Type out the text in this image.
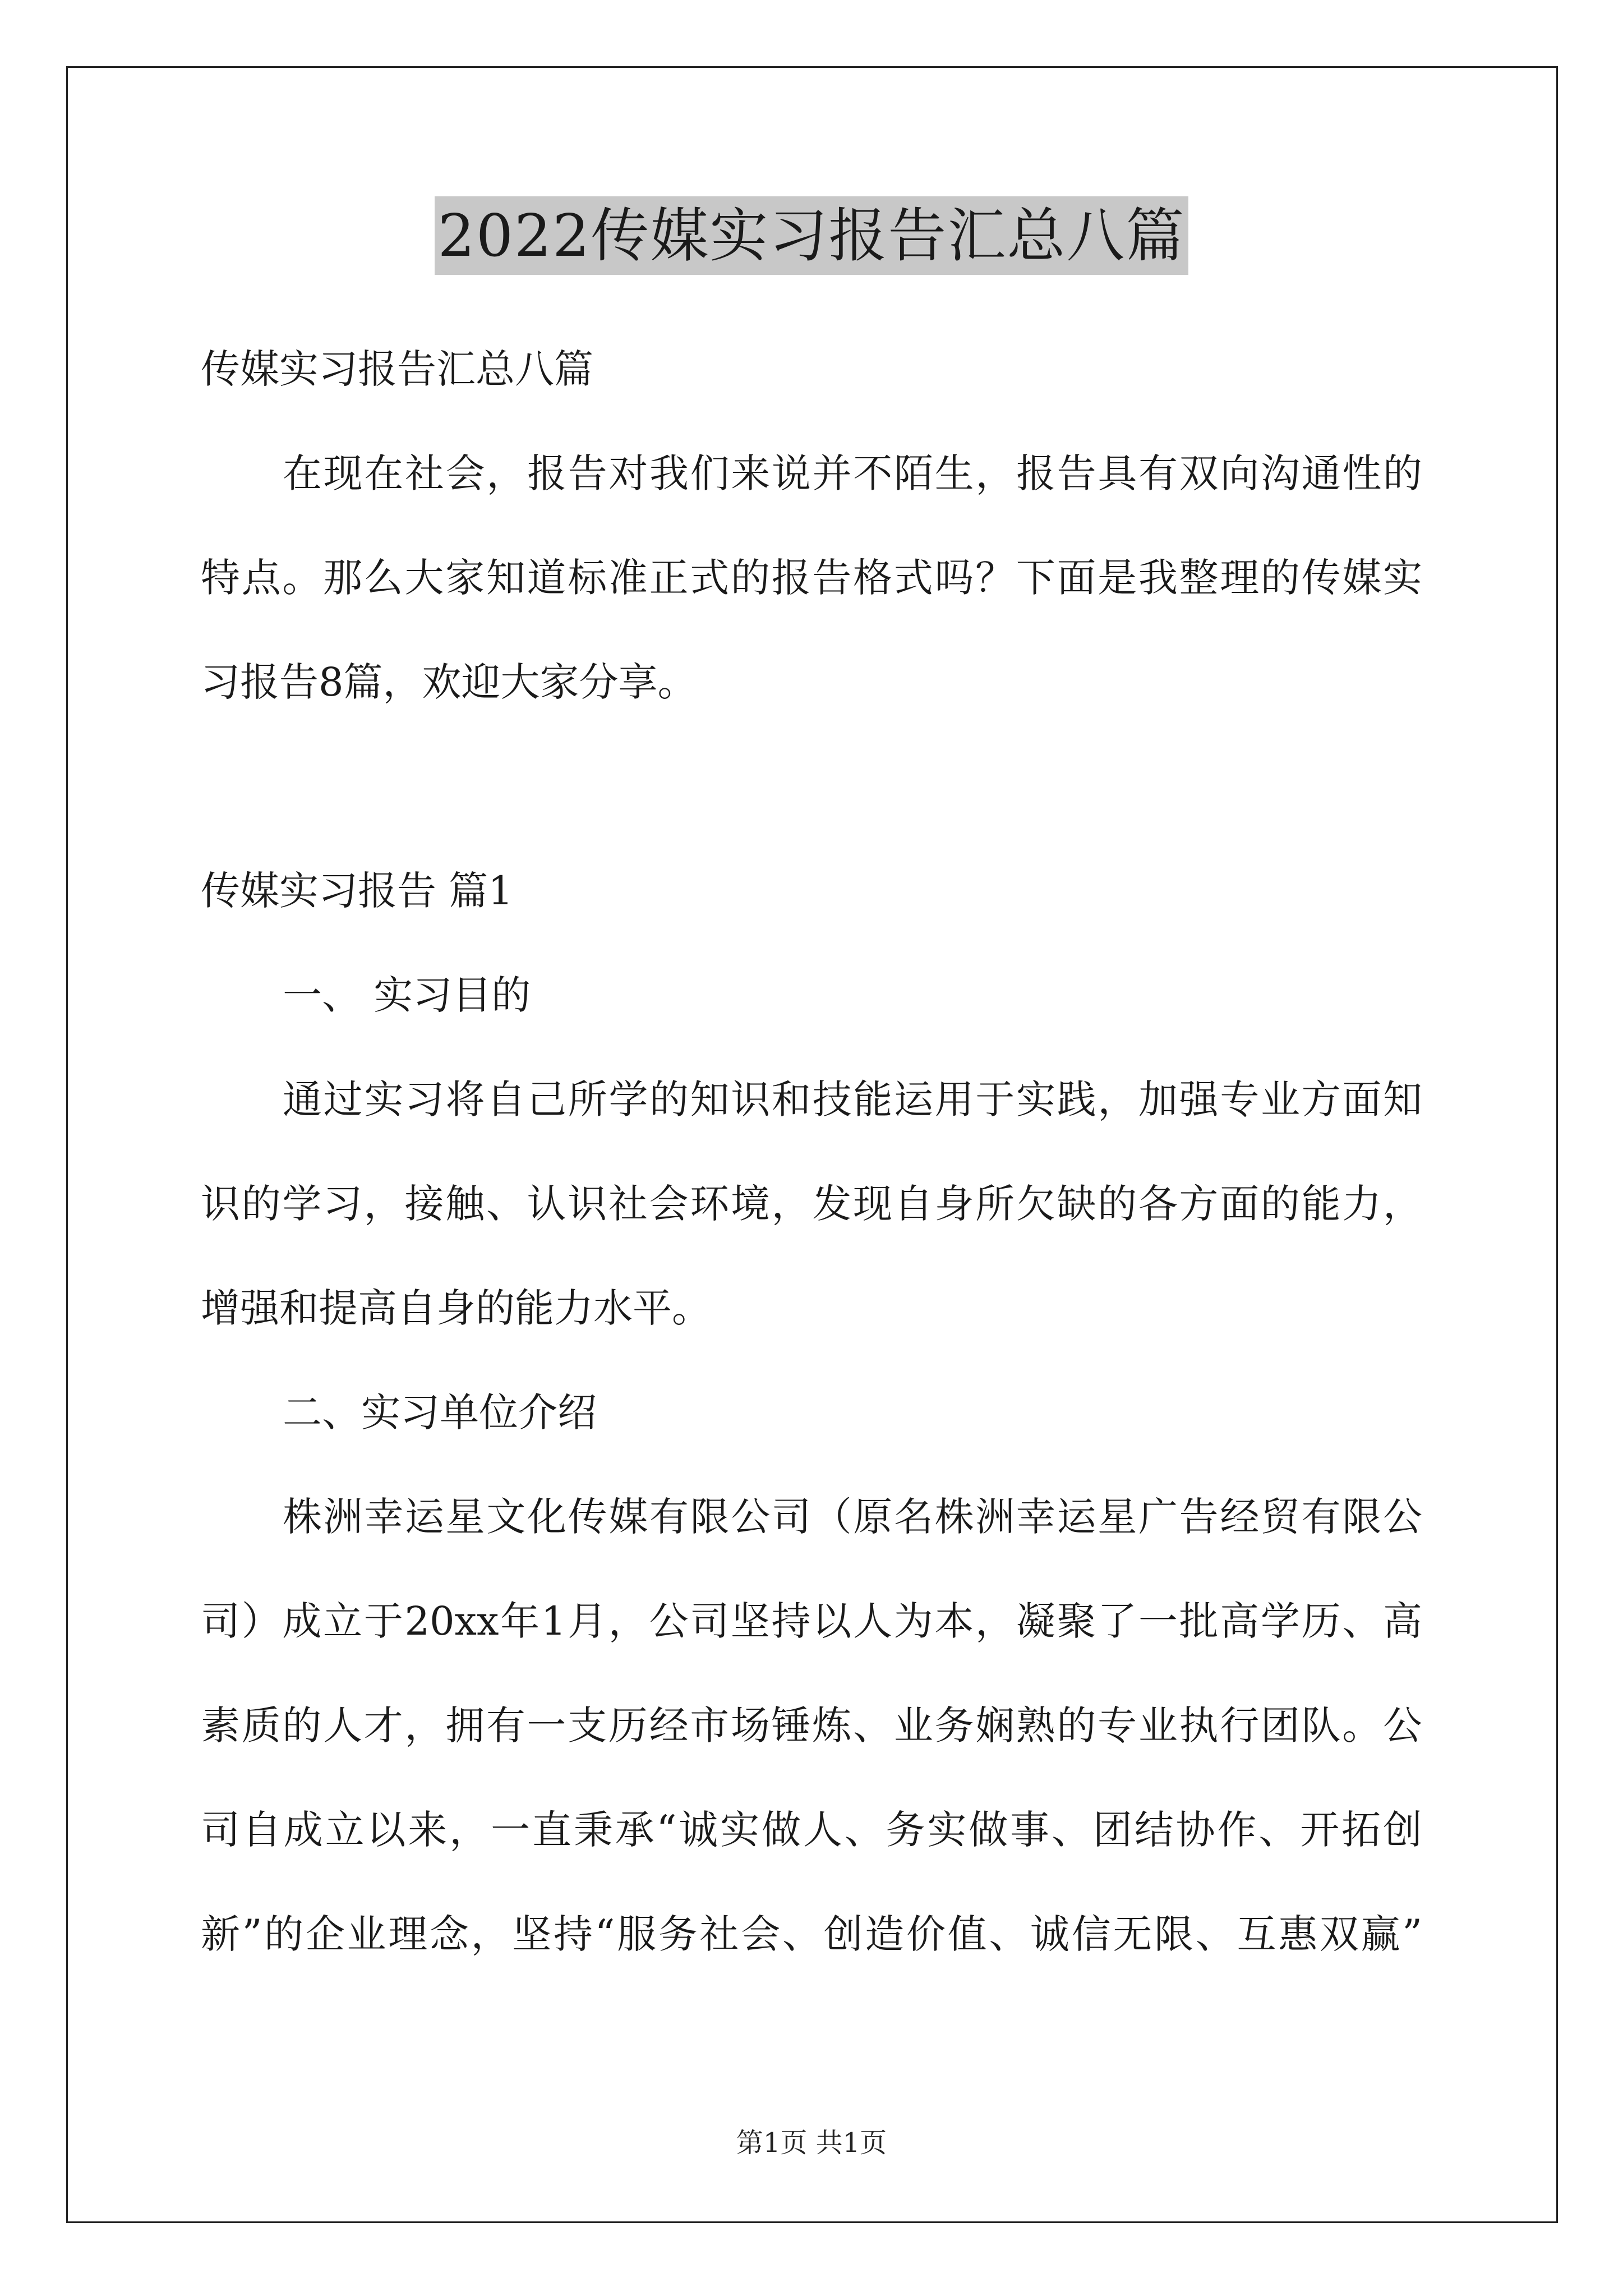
2022传媒实习报告汇总八篇
传媒实习报告汇总八篇
在现在社会，报告对我们来说并不陌生，报告具有双向沟通性的
特点。那么大家知道标准正式的报告格式吗？下面是我整理的传媒实
习报告8篇，欢迎大家分享。
传媒实习报告 篇1
一、 实习目的
通过实习将自己所学的知识和技能运用于实践，加强专业方面知
识的学习，接触、认识社会环境，发现自身所欠缺的各方面的能力，
增强和提高自身的能力水平。
二、实习单位介绍
株洲幸运星文化传媒有限公司（原名株洲幸运星广告经贸有限公
司）成立于20xx年1月，公司坚持以人为本，凝聚了一批高学历、高
素质的人才，拥有一支历经市场锤炼、业务娴熟的专业执行团队。公
司自成立以来，一直秉承“诚实做人、务实做事、团结协作、开拓创
新”的企业理念，坚持“服务社会、创造价值、诚信无限、互惠双赢”
第1页 共1页
